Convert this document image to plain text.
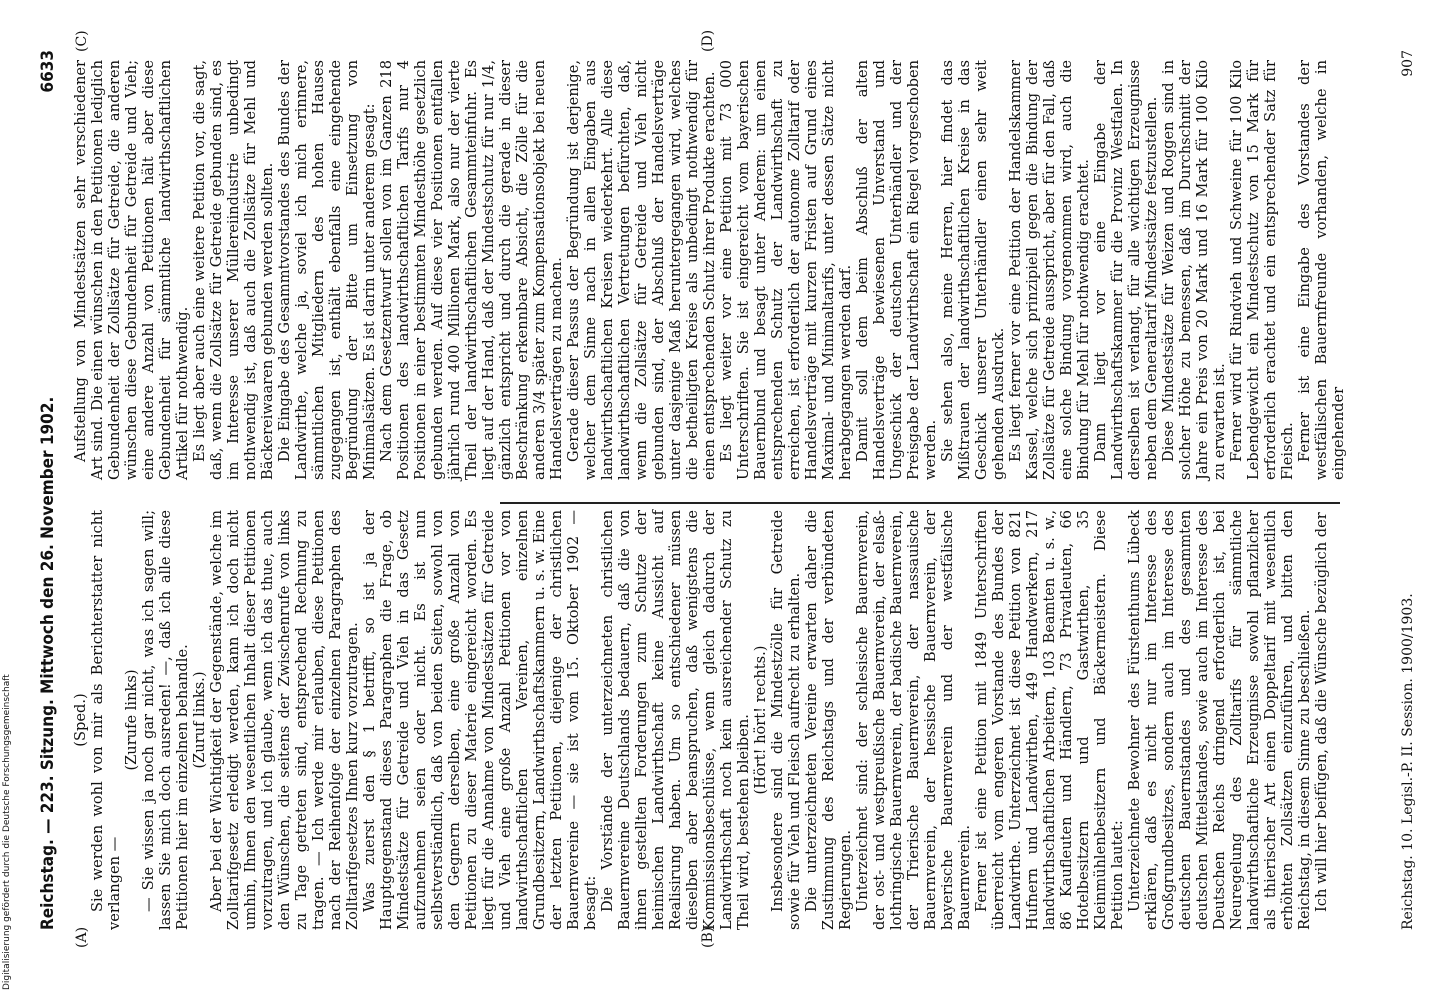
Reichstag. — 223. Sitzung. Mittwoch den 26. November 1902.
6633
(A)	(B)
(C)	(D)

(Sped.) Sie werden wohl von mir als Berichterstatter nicht verlangen —

(Zurufe links) — Sie wissen ja noch gar nicht, was ich sagen will; lassen Sie mich doch ausreden! —, daß ich alle diese Petitionen hier im einzelnen behandle. (Zuruf links.) Aber bei der Wichtigkeit der Gegenstände, welche im Zolltarifgesetz erledigt werden, kann ich doch nicht umhin, Ihnen den wesentlichen Inhalt dieser Petitionen vorzutragen, und ich glaube, wenn ich das thue, auch den Wünschen, die seitens der Zwischenrufe von links zu Tage getreten sind, entsprechend Rechnung zu tragen. — Ich werde mir erlauben, diese Petitionen nach der Reihenfolge der einzelnen Paragraphen des Zolltarifgesetzes Ihnen kurz vorzutragen. Was zuerst den § 1 betrifft, so ist ja der Hauptgegenstand dieses Paragraphen die Frage, ob Mindestsätze für Getreide und Vieh in das Gesetz aufzunehmen seien oder nicht. Es ist nun selbstverständlich, daß von beiden Seiten, sowohl von den Gegnern derselben, eine große Anzahl von Petitionen zu dieser Materie eingereicht worden. Es liegt für die Annahme von Mindestsätzen für Getreide und Vieh eine große Anzahl Petitionen vor von landwirthschaftlichen Vereinen, einzelnen Grundbesitzern, Landwirthschaftskammern u. s. w. Eine der letzten Petitionen, diejenige der christlichen Bauernvereine — sie ist vom 15. Oktober 1902 — besagt: Die Vorstände der unterzeichneten christlichen Bauernvereine Deutschlands bedauern, daß die von ihnen gestellten Forderungen zum Schutze der heimischen Landwirthschaft keine Aussicht auf Realisirung haben. Um so entschiedener müssen dieselben aber beanspruchen, daß wenigstens die Kommissionsbeschlüsse, wenn gleich dadurch der Landwirthschaft noch kein ausreichender Schutz zu Theil wird, bestehen bleiben. (Hört! hört! rechts.) Insbesondere sind die Mindestzölle für Getreide sowie für Vieh und Fleisch aufrecht zu erhalten. Die unterzeichneten Vereine erwarten daher die Zustimmung des Reichstags und der verbündeten Regierungen. Unterzeichnet sind: der schlesische Bauernverein, der ost- und westpreußische Bauernverein, der elsaß-lothringische Bauernverein, der badische Bauernverein, der Trierische Bauernverein, der nassauische Bauernverein, der hessische Bauernverein, der bayerische Bauernverein und der westfälische Bauernverein. Ferner ist eine Petition mit 1849 Unterschriften überreicht vom engeren Vorstande des Bundes der Landwirthe. Unterzeichnet ist diese Petition von 821 Hufnern und Landwirthen, 449 Handwerkern, 217 landwirthschaftlichen Arbeitern, 103 Beamten u. s. w., 86 Kaufleuten und Händlern, 73 Privatleuten, 66 Hotelbesitzern und Gastwirthen, 35 Kleinmühlenbesitzern und Bäckermeistern. Diese Petition lautet: Unterzeichnete Bewohner des Fürstenthums Lübeck erklären, daß es nicht nur im Interesse des Großgrundbesitzes, sondern auch im Interesse des deutschen Bauernstandes und des gesammten deutschen Mittelstandes, sowie auch im Interesse des Deutschen Reichs dringend erforderlich ist, bei Neuregelung des Zolltarifs für sämmtliche landwirthschaftliche Erzeugnisse sowohl pflanzlicher als thierischer Art einen Doppeltarif mit wesentlich erhöhten Zollsätzen einzuführen, und bitten den Reichstag, in diesem Sinne zu beschließen. Ich will hier beifügen, daß die Wünsche bezüglich der

Aufstellung von Mindestsätzen sehr verschiedener Art sind. Die einen wünschen in den Petitionen lediglich Gebundenheit der Zollsätze für Getreide, die anderen wünschen diese Gebundenheit für Getreide und Vieh; eine andere Anzahl von Petitionen hält aber diese Gebundenheit für sämmtliche landwirthschaftlichen Artikel für nothwendig. Es liegt aber auch eine weitere Petition vor, die sagt, daß, wenn die Zollsätze für Getreide gebunden sind, es im Interesse unserer Müllereiindustrie unbedingt nothwendig ist, daß auch die Zollsätze für Mehl und Bäckereiwaaren gebunden werden sollten. Die Eingabe des Gesammtvorstandes des Bundes der Landwirthe, welche ja, soviel ich mich erinnere, sämmtlichen Mitgliedern des hohen Hauses zugegangen ist, enthält ebenfalls eine eingehende Begründung der Bitte um Einsetzung von Minimalsätzen. Es ist darin unter anderem gesagt: Nach dem Gesetzentwurf sollen von im Ganzen 218 Positionen des landwirthschaftlichen Tarifs nur 4 Positionen in einer bestimmten Mindesthöhe gesetzlich gebunden werden. Auf diese vier Positionen entfallen jährlich rund 400 Millionen Mark, also nur der vierte Theil der landwirthschaftlichen Gesammteinfuhr. Es liegt auf der Hand, daß der Mindestschutz für nur 1/4, gänzlich entspricht und durch die gerade in dieser Beschränkung erkennbare Absicht, die Zölle für die anderen 3/4 später zum Kompensationsobjekt bei neuen Handelsverträgen zu machen. Gerade dieser Passus der Begründung ist derjenige, welcher dem Sinne nach in allen Eingaben aus landwirthschaftlichen Kreisen wiederkehrt. Alle diese landwirthschaftlichen Vertretungen befürchten, daß, wenn die Zollsätze für Getreide und Vieh nicht gebunden sind, der Abschluß der Handelsverträge unter dasjenige Maß heruntergegangen wird, welches die betheiligten Kreise als unbedingt nothwendig für einen entsprechenden Schutz ihrer Produkte erachten. Es liegt weiter vor eine Petition mit 73 000 Unterschriften. Sie ist eingereicht vom bayerischen Bauernbund und besagt unter Anderem: um einen entsprechenden Schutz der Landwirthschaft zu erreichen, ist erforderlich der autonome Zolltarif oder Handelsverträge mit kurzen Fristen auf Grund eines Maximal- und Minimaltarifs, unter dessen Sätze nicht herabgegangen werden darf. Damit soll dem beim Abschluß der alten Handelsverträge bewiesenen Unverstand und Ungeschick der deutschen Unterhändler und der Preisgabe der Landwirthschaft ein Riegel vorgeschoben werden. Sie sehen also, meine Herren, hier findet das Mißtrauen der landwirthschaftlichen Kreise in das Geschick unserer Unterhändler einen sehr weit gehenden Ausdruck. Es liegt ferner vor eine Petition der Handelskammer Kassel, welche sich prinzipiell gegen die Bindung der Zollsätze für Getreide ausspricht, aber für den Fall, daß eine solche Bindung vorgenommen wird, auch die Bindung für Mehl für nothwendig erachtet. Dann liegt vor eine Eingabe der Landwirthschaftskammer für die Provinz Westfalen. In derselben ist verlangt, für alle wichtigen Erzeugnisse neben dem Generaltarif Mindestsätze festzustellen. Diese Mindestsätze für Weizen und Roggen sind in solcher Höhe zu bemessen, daß im Durchschnitt der Jahre ein Preis von 20 Mark und 16 Mark für 100 Kilo zu erwarten ist. Ferner wird für Rindvieh und Schweine für 100 Kilo Lebendgewicht ein Mindestschutz von 15 Mark für erforderlich erachtet und ein entsprechender Satz für Fleisch. Ferner ist eine Eingabe des Vorstandes der westfälischen Bauernfreunde vorhanden, welche in eingehender

Reichstag. 10. Legisl.-P. II. Session. 1900/1903.
907
Digitalisierung gefördert durch die Deutsche Forschungsgemeinschaft
